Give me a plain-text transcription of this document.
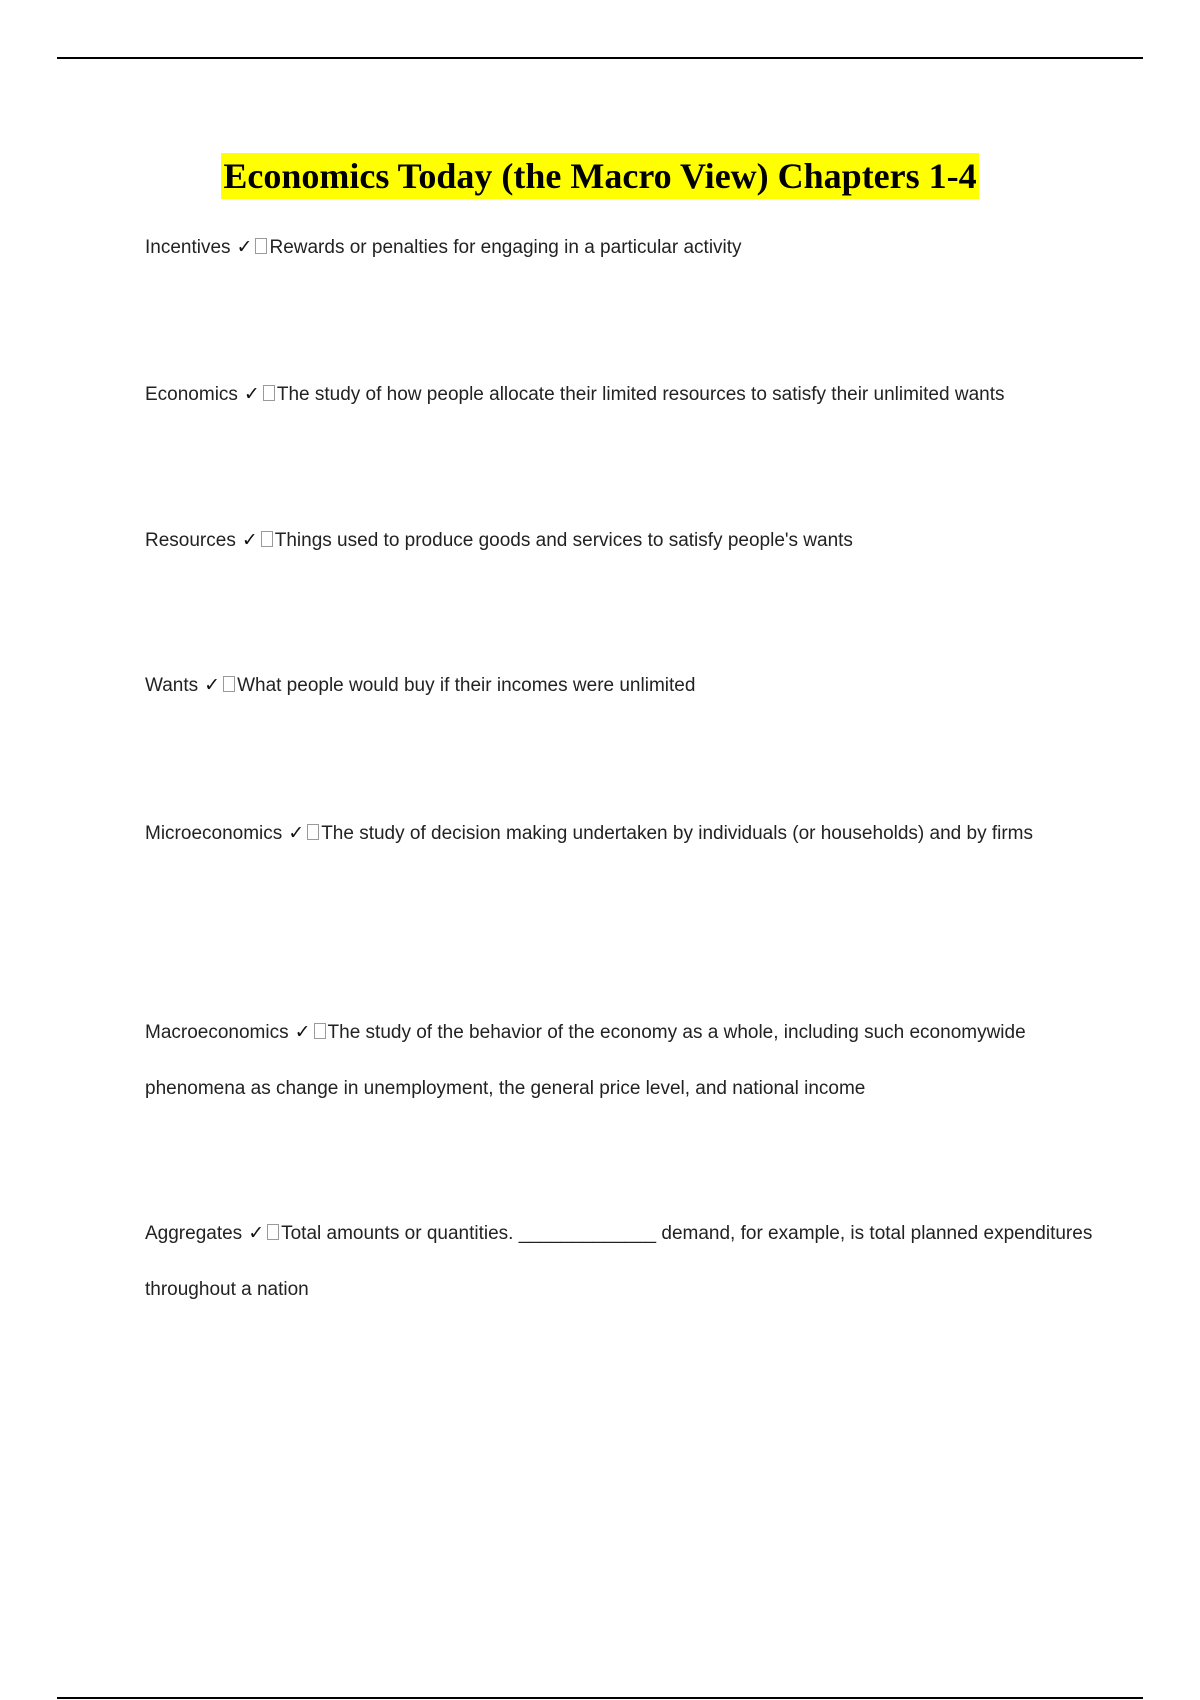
Economics Today (the Macro View) Chapters 1-4
Incentives ✓ Rewards or penalties for engaging in a particular activity
Economics ✓ The study of how people allocate their limited resources to satisfy their unlimited wants
Resources ✓ Things used to produce goods and services to satisfy people's wants
Wants ✓ What people would buy if their incomes were unlimited
Microeconomics ✓ The study of decision making undertaken by individuals (or households) and by firms
Macroeconomics ✓ The study of the behavior of the economy as a whole, including such economywide phenomena as change in unemployment, the general price level, and national income
Aggregates ✓ Total amounts or quantities. _____________ demand, for example, is total planned expenditures throughout a nation
